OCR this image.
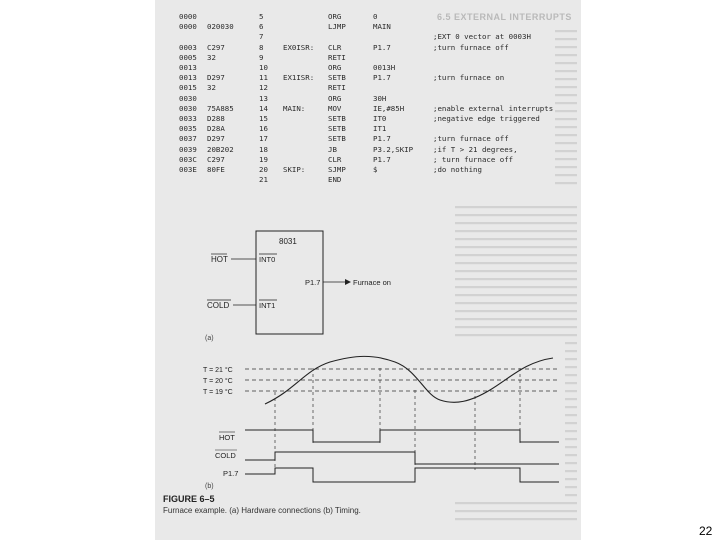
6.5 EXTERNAL INTERRUPTS
0000	5	ORG	0
0000 020030	6	LJMP	MAIN
7	;EXT 0 vector at 0003H
0003 C297	8	EX0ISR: CLR	P1.7	;turn furnace off
0005 32	9	RETI
0013	10	ORG	0013H
0013 D297	11 EX1ISR: SETB	P1.7	;turn furnace on
0015 32	12	RETI
0030	13	ORG	30H
0030 75A885	14 MAIN:	MOV	IE,#85H	;enable external interrupts
0033 D288	15	SETB	IT0	;negative edge triggered
0035 D28A	16	SETB	IT1
0037 D297	17	SETB	P1.7	;turn furnace off
0039 20B202	18	JB	P3.2,SKIP	;if T > 21 degrees,
003C C297	19	CLR	P1.7	; turn furnace off
003E 80FE	20 SKIP:	SJMP	$	;do nothing
21	END
8031
HOT	INT0
COLD	INT1
P1.7	Furnace on
(a)
T = 21 °C
T = 20 °C
T = 19 °C
HOT
COLD
P1.7
(b)
FIGURE 6–5
Furnace example. (a) Hardware connections (b) Timing.
22
